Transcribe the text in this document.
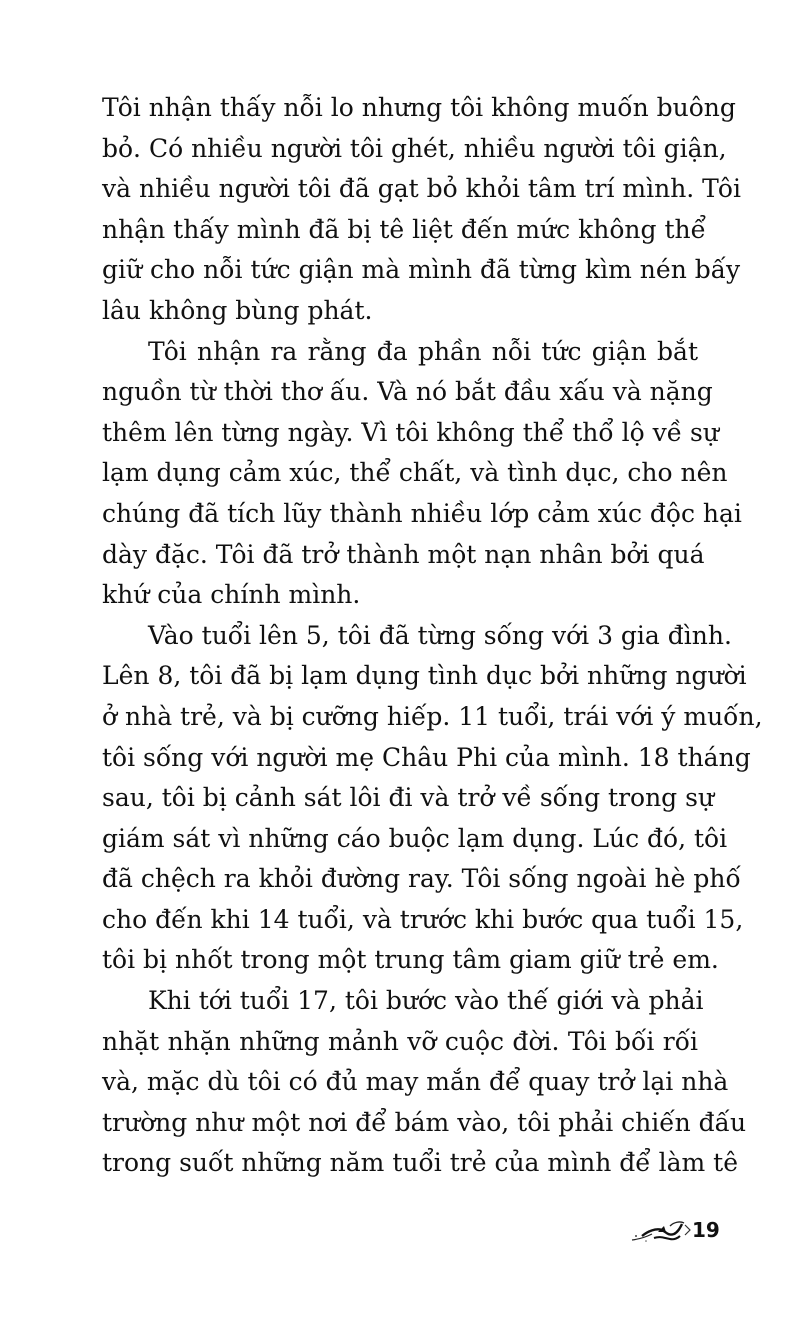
Tôi nhận thấy nỗi lo nhưng tôi không muốn buông
bỏ. Có nhiều người tôi ghét, nhiều người tôi giận,
và nhiều người tôi đã gạt bỏ khỏi tâm trí mình. Tôi
nhận thấy mình đã bị tê liệt đến mức không thể
giữ cho nỗi tức giận mà mình đã từng kìm nén bấy
lâu không bùng phát.
Tôi nhận ra rằng đa phần nỗi tức giận bắt
nguồn từ thời thơ ấu. Và nó bắt đầu xấu và nặng
thêm lên từng ngày. Vì tôi không thể thổ lộ về sự
lạm dụng cảm xúc, thể chất, và tình dục, cho nên
chúng đã tích lũy thành nhiều lớp cảm xúc độc hại
dày đặc. Tôi đã trở thành một nạn nhân bởi quá
khứ của chính mình.
Vào tuổi lên 5, tôi đã từng sống với 3 gia đình.
Lên 8, tôi đã bị lạm dụng tình dục bởi những người
ở nhà trẻ, và bị cưỡng hiếp. 11 tuổi, trái với ý muốn,
tôi sống với người mẹ Châu Phi của mình. 18 tháng
sau, tôi bị cảnh sát lôi đi và trở về sống trong sự
giám sát vì những cáo buộc lạm dụng. Lúc đó, tôi
đã chệch ra khỏi đường ray. Tôi sống ngoài hè phố
cho đến khi 14 tuổi, và trước khi bước qua tuổi 15,
tôi bị nhốt trong một trung tâm giam giữ trẻ em.
Khi tới tuổi 17, tôi bước vào thế giới và phải
nhặt nhặn những mảnh vỡ cuộc đời. Tôi bối rối
và, mặc dù tôi có đủ may mắn để quay trở lại nhà
trường như một nơi để bám vào, tôi phải chiến đấu
trong suốt những năm tuổi trẻ của mình để làm tê
19
